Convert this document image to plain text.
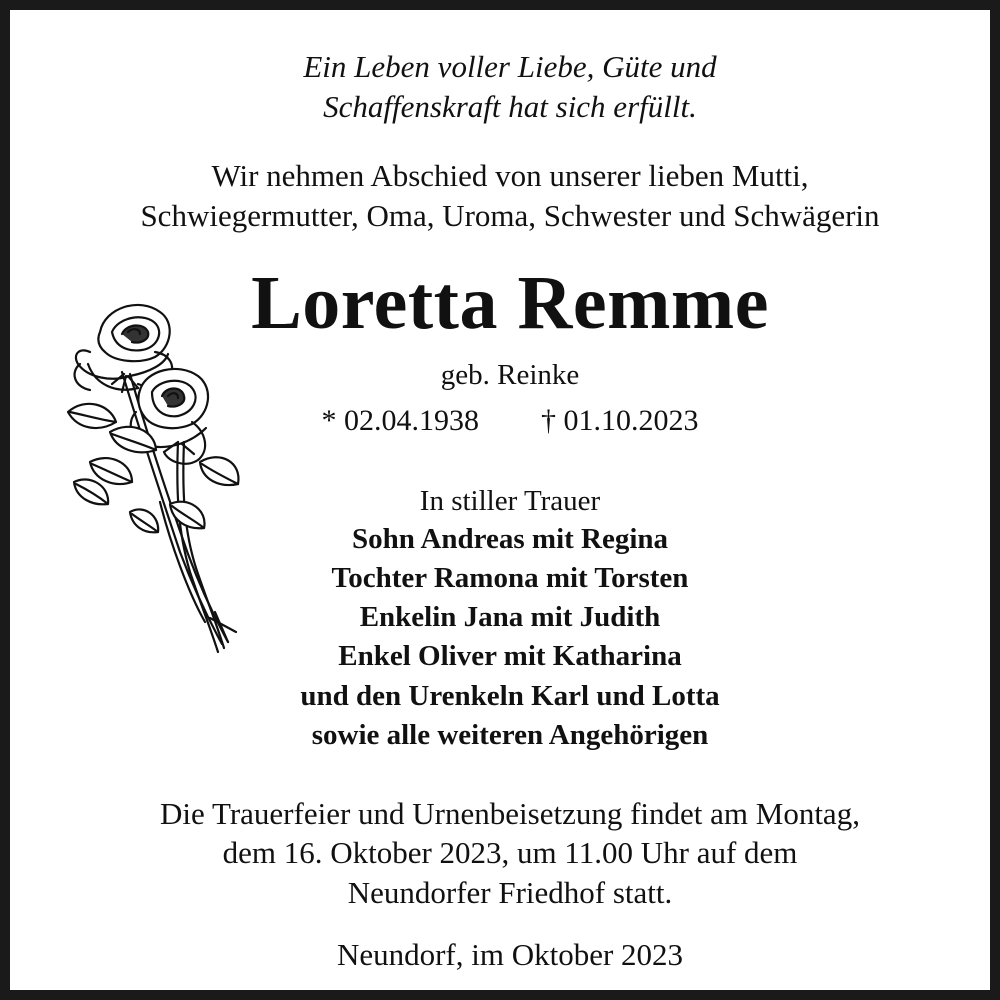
Ein Leben voller Liebe, Güte und
Schaffenskraft hat sich erfüllt.
Wir nehmen Abschied von unserer lieben Mutti,
Schwiegermutter, Oma, Uroma, Schwester und Schwägerin
Loretta Remme
geb. Reinke
* 02.04.1938 † 01.10.2023
In stiller Trauer
Sohn Andreas mit Regina
Tochter Ramona mit Torsten
Enkelin Jana mit Judith
Enkel Oliver mit Katharina
und den Urenkeln Karl und Lotta
sowie alle weiteren Angehörigen
Die Trauerfeier und Urnenbeisetzung findet am Montag,
dem 16. Oktober 2023, um 11.00 Uhr auf dem
Neundorfer Friedhof statt.
Neundorf, im Oktober 2023
